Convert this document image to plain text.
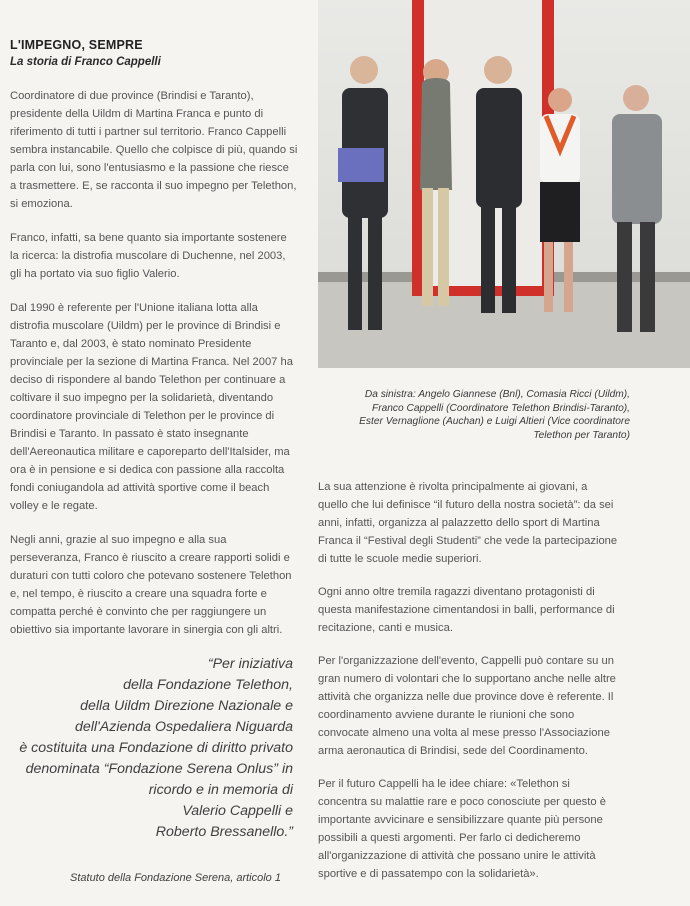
L'IMPEGNO, SEMPRE
La storia di Franco Cappelli

Coordinatore di due province (Brindisi e Taranto), presidente della Uildm di Martina Franca e punto di riferimento di tutti i partner sul territorio. Franco Cappelli sembra instancabile. Quello che colpisce di più, quando si parla con lui, sono l'entusiasmo e la passione che riesce a trasmettere. E, se racconta il suo impegno per Telethon, si emoziona.

Franco, infatti, sa bene quanto sia importante sostenere la ricerca: la distrofia muscolare di Duchenne, nel 2003, gli ha portato via suo figlio Valerio.

Dal 1990 è referente per l'Unione italiana lotta alla distrofia muscolare (Uildm) per le province di Brindisi e Taranto e, dal 2003, è stato nominato Presidente provinciale per la sezione di Martina Franca. Nel 2007 ha deciso di rispondere al bando Telethon per continuare a coltivare il suo impegno per la solidarietà, diventando coordinatore provinciale di Telethon per le province di Brindisi e Taranto. In passato è stato insegnante dell'Aereonautica militare e caporeparto dell'Italsider, ma ora è in pensione e si dedica con passione alla raccolta fondi coniugandola ad attività sportive come il beach volley e le regate.

Negli anni, grazie al suo impegno e alla sua perseveranza, Franco è riuscito a creare rapporti solidi e duraturi con tutti coloro che potevano sostenere Telethon e, nel tempo, è riuscito a creare una squadra forte e compatta perché è convinto che per raggiungere un obiettivo sia importante lavorare in sinergia con gli altri.

“Per iniziativa
della Fondazione Telethon,
della Uildm Direzione Nazionale e
dell'Azienda Ospedaliera Niguarda
è costituita una Fondazione di diritto privato
denominata “Fondazione Serena Onlus” in
ricordo e in memoria di
Valerio Cappelli e
Roberto Bressanello.”
Statuto della Fondazione Serena, articolo 1
Da sinistra: Angelo Giannese (Bnl), Comasia Ricci (Uildm),
Franco Cappelli (Coordinatore Telethon Brindisi-Taranto),
Ester Vernaglione (Auchan) e Luigi Altieri (Vice coordinatore
Telethon per Taranto)

La sua attenzione è rivolta principalmente ai giovani, a quello che lui definisce “il futuro della nostra società”: da sei anni, infatti, organizza al palazzetto dello sport di Martina Franca il “Festival degli Studenti” che vede la partecipazione di tutte le scuole medie superiori.

Ogni anno oltre tremila ragazzi diventano protagonisti di questa manifestazione cimentandosi in balli, performance di recitazione, canti e musica.

Per l'organizzazione dell'evento, Cappelli può contare su un gran numero di volontari che lo supportano anche nelle altre attività che organizza nelle due province dove è referente. Il coordinamento avviene durante le riunioni che sono convocate almeno una volta al mese presso l'Associazione arma aeronautica di Brindisi, sede del Coordinamento.

Per il futuro Cappelli ha le idee chiare: «Telethon si concentra su malattie rare e poco conosciute per questo è importante avvicinare e sensibilizzare quante più persone possibili a questi argomenti. Per farlo ci dedicheremo all'organizzazione di attività che possano unire le attività sportive e di passatempo con la solidarietà».
